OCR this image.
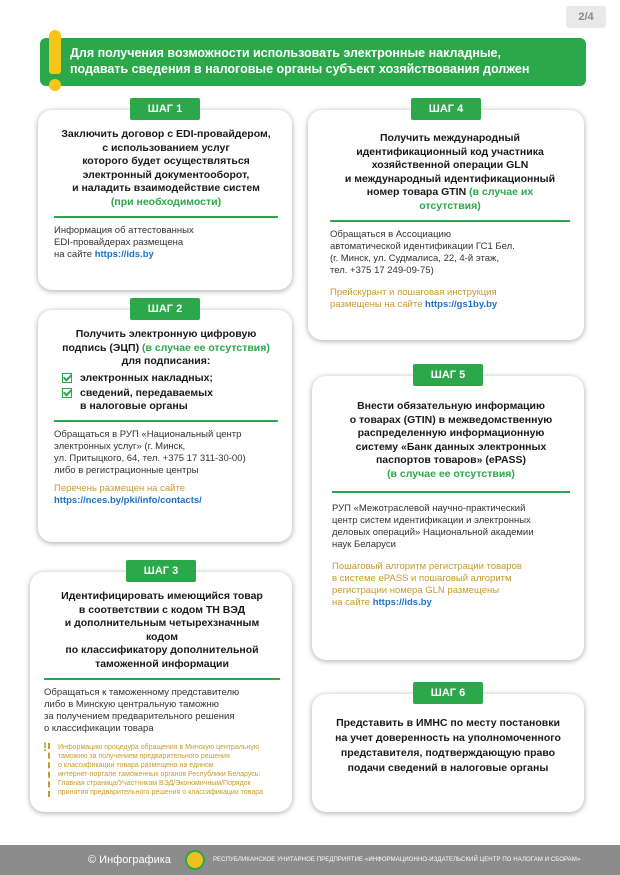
2/4
Для получения возможности использовать электронные накладные,
подавать сведения в налоговые органы субъект хозяйствования должен
ШАГ 1
Заключить договор с EDI-провайдером,
с использованием услуг
которого будет осуществляться
электронный документооборот,
и наладить взаимодействие систем
(при необходимости)
Информация об аттестованных
EDI-провайдерах размещена
на сайте https://ids.by
ШАГ 2
Получить электронную цифровую
подпись (ЭЦП) (в случае ее отсутствия)
для подписания:
электронных накладных;
сведений, передаваемых
в налоговые органы
Обращаться в РУП «Национальный центр
электронных услуг» (г. Минск,
ул. Притыцкого, 64, тел. +375 17 311-30-00)
либо в регистрационные центры
Перечень размещен на сайте
https://nces.by/pki/info/contacts/
ШАГ 3
Идентифицировать имеющийся товар
в соответствии с кодом ТН ВЭД
и дополнительным четырехзначным кодом
по классификатору дополнительной
таможенной информации
Обращаться к таможенному представителю
либо в Минскую центральную таможню
за получением предварительного решения
о классификации товара
! Информацию процедура обращения в Минскую центральную
таможню за получением предварительного решения
о классификации товара размещена на едином
интернет-портале таможенных органов Республики Беларусь:
Главная страница/Участникам ВЭД/Экономичным/Порядок
принятия предварительного решения о классификации товара
ШАГ 4
Получить международный
идентификационный код участника
хозяйственной операции GLN
и международный идентификационный
номер товара GTIN (в случае их отсутствия)
Обращаться в Ассоциацию
автоматической идентификации ГС1 Бел.
(г. Минск, ул. Судмалиса, 22, 4-й этаж,
тел. +375 17 249-09-75)
Прейскурант и пошаговая инструкция
размещены на сайте https://gs1by.by
ШАГ 5
Внести обязательную информацию
о товарах (GTIN) в межведомственную
распределенную информационную
систему «Банк данных электронных
паспортов товаров» (ePASS)
(в случае ее отсутствия)
РУП «Межотраслевой научно-практический
центр систем идентификации и электронных
деловых операций» Национальной академии
наук Беларуси
Пошаговый алгоритм регистрации товаров
в системе ePASS и пошаговый алгоритм
регистрации номера GLN размещены
на сайте https://ids.by
ШАГ 6
Представить в ИМНС по месту постановки
на учет доверенность на уполномоченного
представителя, подтверждающую право
подачи сведений в налоговые органы
© Инфографика	РЕСПУБЛИКАНСКОЕ УНИТАРНОЕ ПРЕДПРИЯТИЕ «ИНФОРМАЦИОННО-ИЗДАТЕЛЬСКИЙ ЦЕНТР ПО НАЛОГАМ И СБОРАМ»
